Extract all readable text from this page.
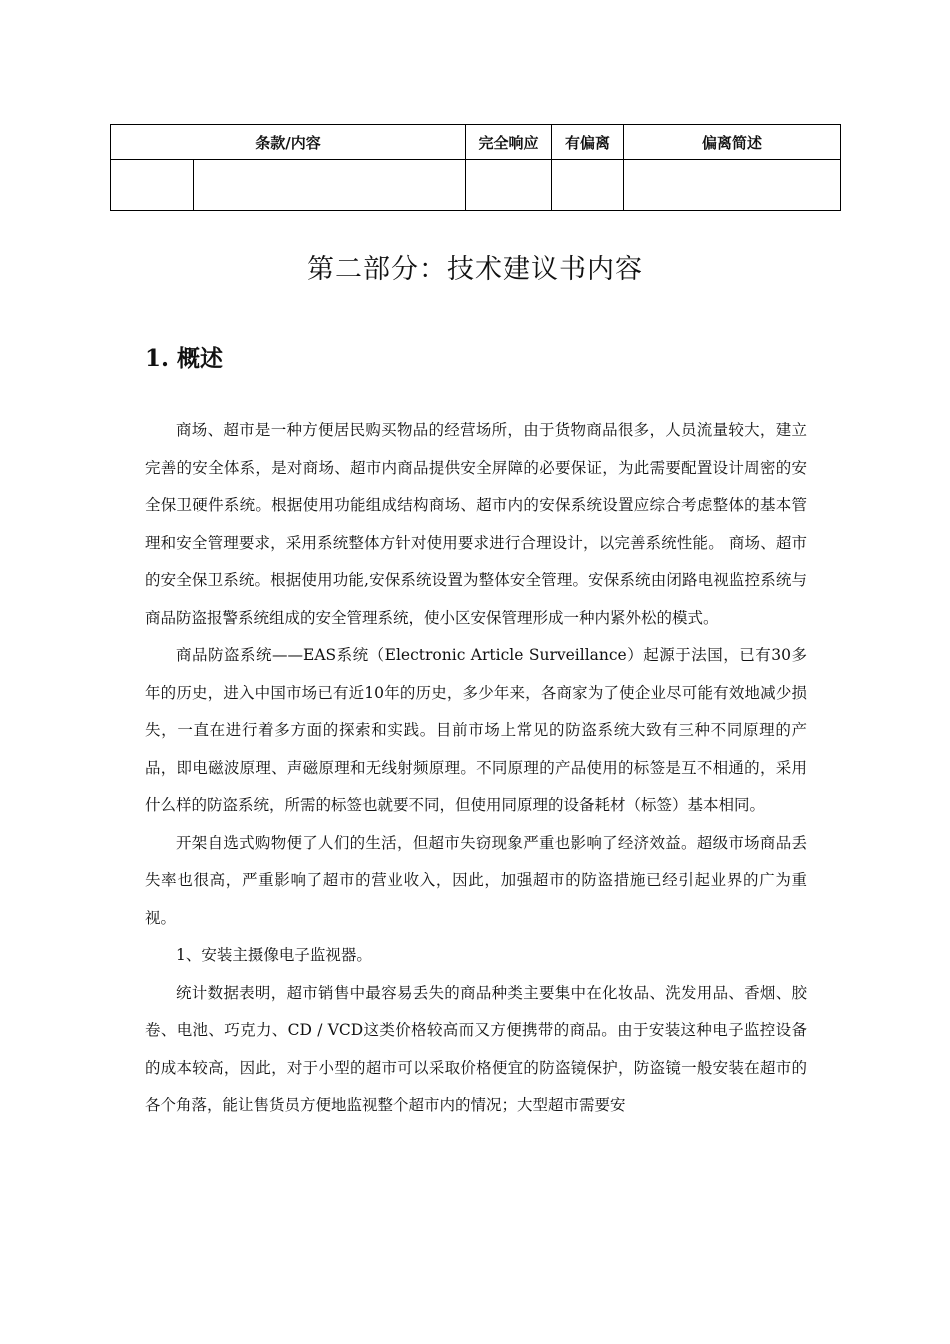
条款/内容		完全响应	有偏离	偏离简述

第二部分：技术建议书内容
1. 概述

商场、超市是一种方便居民购买物品的经营场所，由于货物商品很多，人员流量较大，建立完善的安全体系，是对商场、超市内商品提供安全屏障的必要保证，为此需要配置设计周密的安全保卫硬件系统。根据使用功能组成结构商场、超市内的安保系统设置应综合考虑整体的基本管理和安全管理要求，采用系统整体方针对使用要求进行合理设计，以完善系统性能。 商场、超市的安全保卫系统。根据使用功能,安保系统设置为整体安全管理。安保系统由闭路电视监控系统与商品防盗报警系统组成的安全管理系统，使小区安保管理形成一种内紧外松的模式。

商品防盗系统——EAS系统（Electronic Article Surveillance）起源于法国，已有30多年的历史，进入中国市场已有近10年的历史，多少年来，各商家为了使企业尽可能有效地减少损失，一直在进行着多方面的探索和实践。目前市场上常见的防盗系统大致有三种不同原理的产品，即电磁波原理、声磁原理和无线射频原理。不同原理的产品使用的标签是互不相通的，采用什么样的防盗系统，所需的标签也就要不同，但使用同原理的设备耗材（标签）基本相同。

开架自选式购物便了人们的生活，但超市失窃现象严重也影响了经济效益。超级市场商品丢失率也很高，严重影响了超市的营业收入，因此，加强超市的防盗措施已经引起业界的广为重视。

1、安装主摄像电子监视器。

统计数据表明，超市销售中最容易丢失的商品种类主要集中在化妆品、洗发用品、香烟、胶卷、电池、巧克力、CD / VCD这类价格较高而又方便携带的商品。由于安装这种电子监控设备的成本较高，因此，对于小型的超市可以采取价格便宜的防盗镜保护，防盗镜一般安装在超市的各个角落，能让售货员方便地监视整个超市内的情况；大型超市需要安
